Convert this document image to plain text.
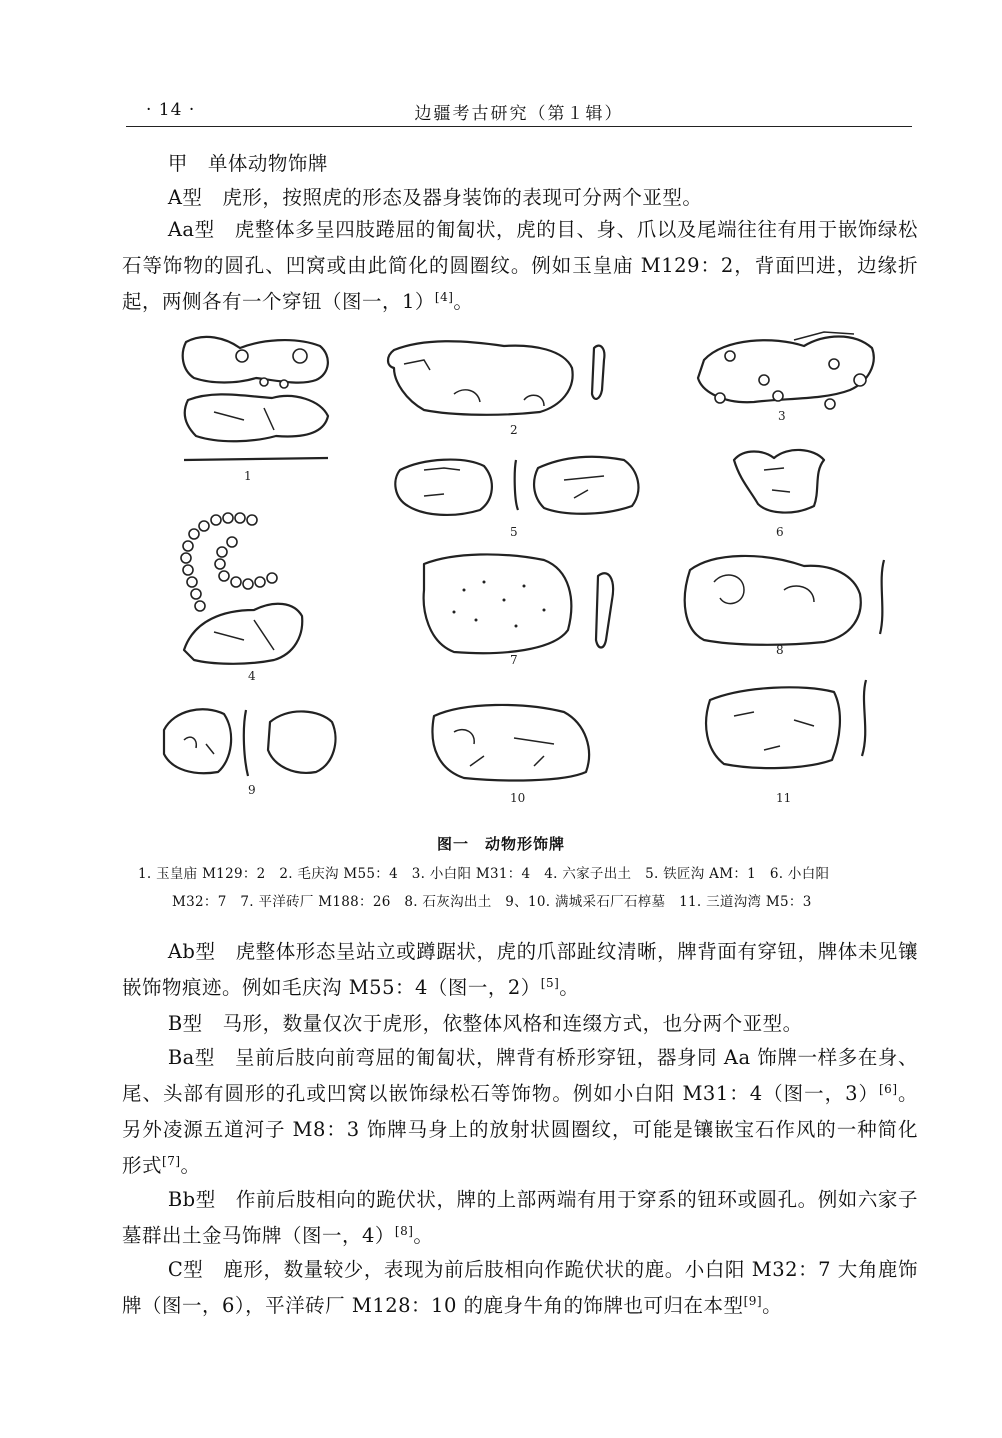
· 14 ·	边疆考古研究（第１辑）

甲　单体动物饰牌

A型　虎形，按照虎的形态及器身装饰的表现可分两个亚型。

Aa型　虎整体多呈四肢踡屈的匍匐状，虎的目、身、爪以及尾端往往有用于嵌饰绿松石等饰物的圆孔、凹窝或由此简化的圆圈纹。例如玉皇庙 M129：2，背面凹进，边缘折起，两侧各有一个穿钮（图一，1）[4]。

1
2
3
4
5	6
7
8
9
10	11
图一　动物形饰牌
1. 玉皇庙 M129：2　2. 毛庆沟 M55：4　3. 小白阳 M31：4　4. 六家子出土　5. 铁匠沟 AM：1　6. 小白阳
M32：7　7. 平洋砖厂 M188：26　8. 石灰沟出土　9、10. 满城采石厂石椁墓　11. 三道沟湾 M5：3

Ab型　虎整体形态呈站立或蹲踞状，虎的爪部趾纹清晰，牌背面有穿钮，牌体未见镶嵌饰物痕迹。例如毛庆沟 M55：4（图一，2）[5]。

B型　马形，数量仅次于虎形，依整体风格和连缀方式，也分两个亚型。

Ba型　呈前后肢向前弯屈的匍匐状，牌背有桥形穿钮，器身同 Aa 饰牌一样多在身、尾、头部有圆形的孔或凹窝以嵌饰绿松石等饰物。例如小白阳 M31：4（图一，3）[6]。另外凌源五道河子 M8：3 饰牌马身上的放射状圆圈纹，可能是镶嵌宝石作风的一种简化形式[7]。

Bb型　作前后肢相向的跪伏状，牌的上部两端有用于穿系的钮环或圆孔。例如六家子墓群出土金马饰牌（图一，4）[8]。

C型　鹿形，数量较少，表现为前后肢相向作跪伏状的鹿。小白阳 M32：7 大角鹿饰牌（图一，6），平洋砖厂 M128：10 的鹿身牛角的饰牌也可归在本型[9]。
